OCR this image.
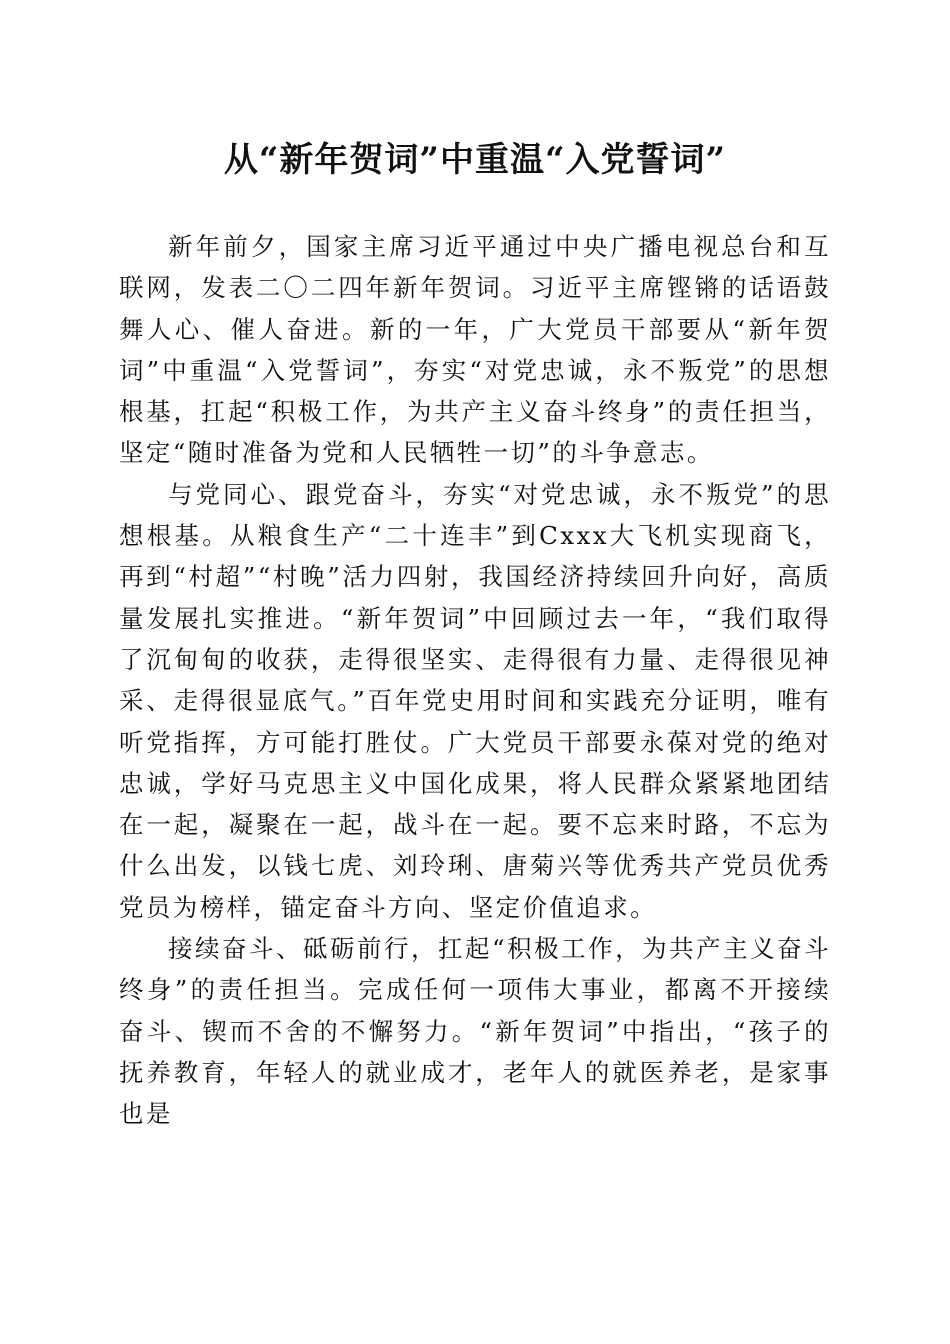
从“新年贺词”中重温“入党誓词”

新年前夕，国家主席习近平通过中央广播电视总台和互联网，发表二〇二四年新年贺词。习近平主席铿锵的话语鼓舞人心、催人奋进。新的一年，广大党员干部要从“新年贺词”中重温“入党誓词”，夯实“对党忠诚，永不叛党”的思想根基，扛起“积极工作，为共产主义奋斗终身”的责任担当，坚定“随时准备为党和人民牺牲一切”的斗争意志。

与党同心、跟党奋斗，夯实“对党忠诚，永不叛党”的思想根基。从粮食生产“二十连丰”到Cxxx大飞机实现商飞，再到“村超”“村晚”活力四射，我国经济持续回升向好，高质量发展扎实推进。“新年贺词”中回顾过去一年，“我们取得了沉甸甸的收获，走得很坚实、走得很有力量、走得很见神采、走得很显底气。”百年党史用时间和实践充分证明，唯有听党指挥，方可能打胜仗。广大党员干部要永葆对党的绝对忠诚，学好马克思主义中国化成果，将人民群众紧紧地团结在一起，凝聚在一起，战斗在一起。要不忘来时路，不忘为什么出发，以钱七虎、刘玲琍、唐菊兴等优秀共产党员优秀党员为榜样，锚定奋斗方向、坚定价值追求。

接续奋斗、砥砺前行，扛起“积极工作，为共产主义奋斗终身”的责任担当。完成任何一项伟大事业，都离不开接续奋斗、锲而不舍的不懈努力。“新年贺词”中指出，“孩子的抚养教育，年轻人的就业成才，老年人的就医养老，是家事也是
